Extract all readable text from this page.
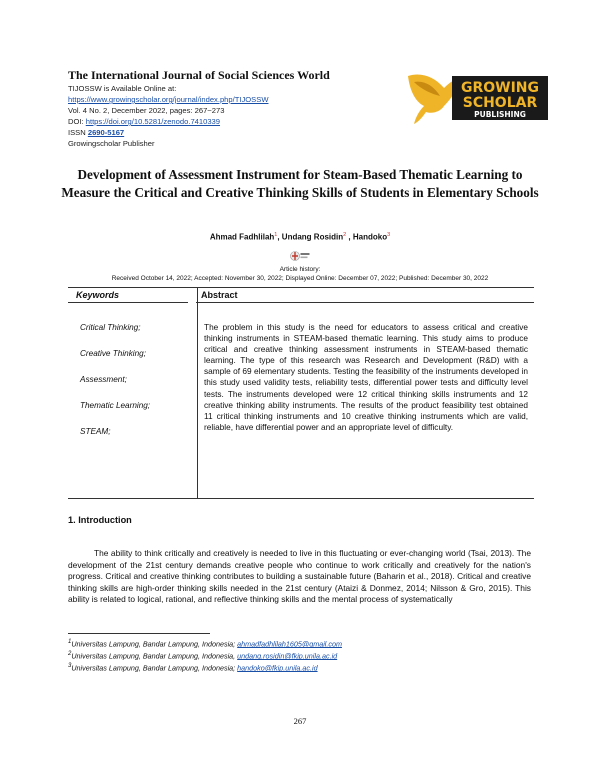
The International Journal of Social Sciences World
TIJOSSW is Available Online at:
https://www.growingscholar.org/journal/index.php/TIJOSSW
Vol. 4 No. 2, December 2022, pages: 267~273
DOI: https://doi.org/10.5281/zenodo.7410339
ISSN 2690-5167
Growingscholar Publisher
GROWING
SCHOLAR
PUBLISHING
Development of Assessment Instrument for Steam-Based Thematic Learning to Measure the Critical and Creative Thinking Skills of Students in Elementary Schools
Ahmad Fadhlilah$^1$, Undang Rosidin$^2$ , Handoko$^3$
Article history:
Received October 14, 2022; Accepted: November 30, 2022; Displayed Online: December 07, 2022; Published: December 30, 2022
Keywords	Abstract
Critical Thinking;
Creative Thinking;
Assessment;
Thematic Learning;
STEAM;
The problem in this study is the need for educators to assess critical and creative thinking instruments in STEAM-based thematic learning. This study aims to produce critical and creative thinking assessment instruments in STEAM-based thematic learning. The type of this research was Research and Development (R&D) with a sample of 69 elementary students. Testing the feasibility of the instruments developed in this study used validity tests, reliability tests, differential power tests and difficulty level tests. The instruments developed were 12 critical thinking skills instruments and 12 creative thinking ability instruments. The results of the product feasibility test obtained 11 critical thinking instruments and 10 creative thinking instruments which are valid, reliable, have differential power and an appropriate level of difficulty.
1. Introduction
The ability to think critically and creatively is needed to live in this fluctuating or ever-changing world (Tsai, 2013). The development of the 21st century demands creative people who continue to work critically and creatively for the nation's progress. Critical and creative thinking contributes to building a sustainable future (Baharin et al., 2018). Critical and creative thinking skills are high-order thinking skills needed in the 21st century (Ataizi & Donmez, 2014; Nilsson & Gro, 2015). This ability is related to logical, rational, and reflective thinking skills and the mental process of systematically
$^1$Universitas Lampung, Bandar Lampung, Indonesia; ahmadfadhlilah1605@gmail.com
$^2$Universitas Lampung, Bandar Lampung, Indonesia, undang.rosidin@fkip.unila.ac.id
$^3$Universitas Lampung, Bandar Lampung, Indonesia; handoko@fkip.unila.ac.id
267
